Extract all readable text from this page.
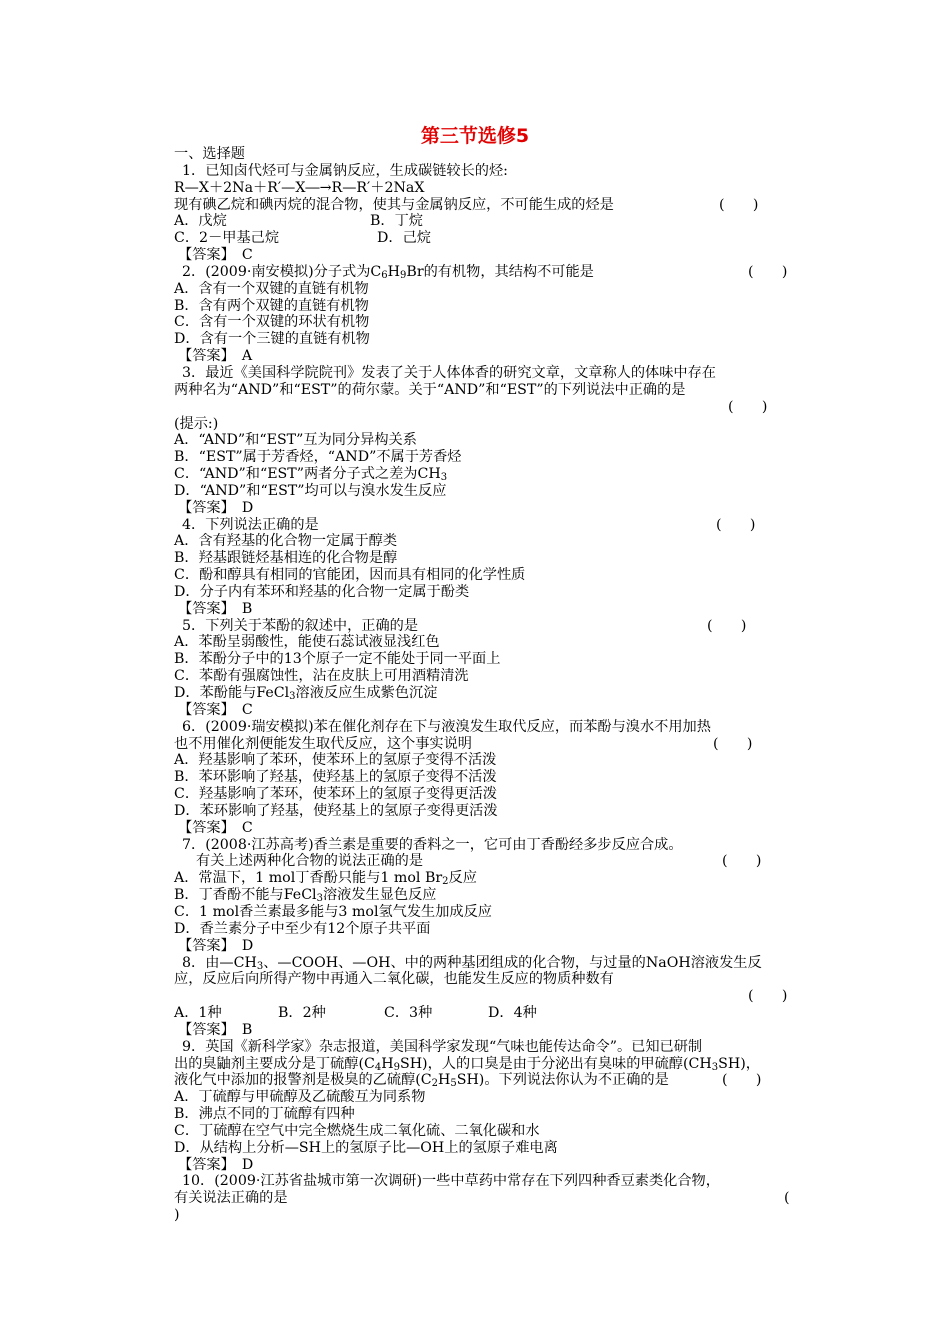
第三节选修5
一、选择题
1．已知卤代烃可与金属钠反应，生成碳链较长的烃:
R—X＋2Na＋R′—X―→R—R′＋2NaX
现有碘乙烷和碘丙烷的混合物，使其与金属钠反应，不可能生成的烃是	(　　)
A．戊烷	B．丁烷
C．2－甲基己烷	D．己烷
【答案】　C
2．(2009·南安模拟)分子式为$C_6H_9Br$的有机物，其结构不可能是	(　　)
A．含有一个双键的直链有机物
B．含有两个双键的直链有机物
C．含有一个双键的环状有机物
D．含有一个三键的直链有机物
【答案】　A
3．最近《美国科学院院刊》发表了关于人体体香的研究文章，文章称人的体味中存在
两种名为“AND”和“EST”的荷尔蒙。关于“AND”和“EST”的下列说法中正确的是
(　　)
(提示:)
A．“AND”和“EST”互为同分异构关系
B．“EST”属于芳香烃，“AND”不属于芳香烃
C．“AND”和“EST”两者分子式之差为$CH_3$
D．“AND”和“EST”均可以与溴水发生反应
【答案】　D
4．下列说法正确的是	(　　)
A．含有羟基的化合物一定属于醇类
B．羟基跟链烃基相连的化合物是醇
C．酚和醇具有相同的官能团，因而具有相同的化学性质
D．分子内有苯环和羟基的化合物一定属于酚类
【答案】　B
5．下列关于苯酚的叙述中，正确的是	(　　)
A．苯酚呈弱酸性，能使石蕊试液显浅红色
B．苯酚分子中的13个原子一定不能处于同一平面上
C．苯酚有强腐蚀性，沾在皮肤上可用酒精清洗
D．苯酚能与FeCl$_3$溶液反应生成紫色沉淀
【答案】　C
6．(2009·瑞安模拟)苯在催化剂存在下与液溴发生取代反应，而苯酚与溴水不用加热
也不用催化剂便能发生取代反应，这个事实说明	(　　)
A．羟基影响了苯环，使苯环上的氢原子变得不活泼
B．苯环影响了羟基，使羟基上的氢原子变得不活泼
C．羟基影响了苯环，使苯环上的氢原子变得更活泼
D．苯环影响了羟基，使羟基上的氢原子变得更活泼
【答案】　C
7．(2008·江苏高考)香兰素是重要的香料之一，它可由丁香酚经多步反应合成。
有关上述两种化合物的说法正确的是	(　　)
A．常温下，1 mol丁香酚只能与1 mol $Br_2$反应
B．丁香酚不能与FeCl$_3$溶液发生显色反应
C．1 mol香兰素最多能与3 mol氢气发生加成反应
D．香兰素分子中至少有12个原子共平面
【答案】　D
8．由$—CH_3$、—COOH、—OH、中的两种基团组成的化合物，与过量的NaOH溶液发生反
应，反应后向所得产物中再通入二氧化碳，也能发生反应的物质种数有
(　　)
A．1种	B．2种	C．3种	D．4种
【答案】　B
9．英国《新科学家》杂志报道，美国科学家发现“气味也能传达命令”。已知已研制
出的臭鼬剂主要成分是丁硫醇$(C_4H_9SH)$，人的口臭是由于分泌出有臭味的甲硫醇$(CH_3SH)$，
液化气中添加的报警剂是极臭的乙硫醇$(C_2H_5SH)$。下列说法你认为不正确的是	(　　)
A．丁硫醇与甲硫醇及乙硫酸互为同系物
B．沸点不同的丁硫醇有四种
C．丁硫醇在空气中完全燃烧生成二氧化硫、二氧化碳和水
D．从结构上分析—SH上的氢原子比—OH上的氢原子难电离
【答案】　D
10．(2009·江苏省盐城市第一次调研)一些中草药中常存在下列四种香豆素类化合物，
有关说法正确的是	(
)
